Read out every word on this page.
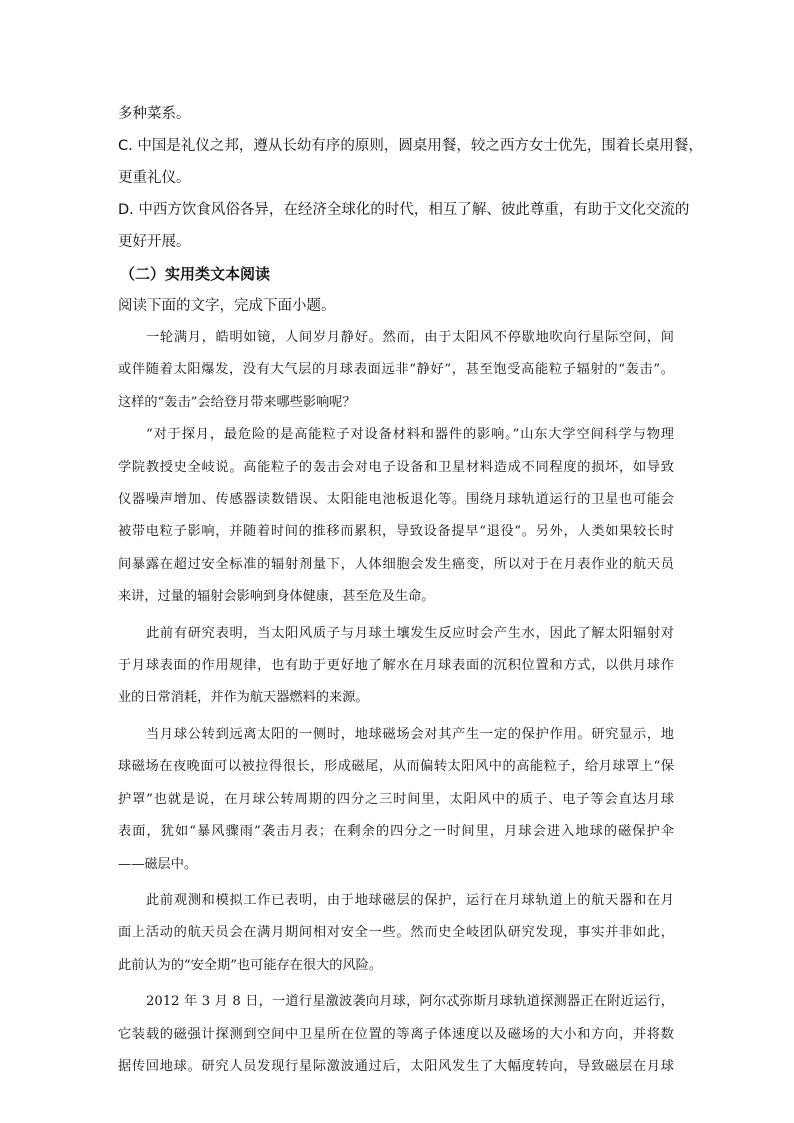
多种菜系。

C. 中国是礼仪之邦，遵从长幼有序的原则，圆桌用餐，较之西方女士优先，围着长桌用餐，

更重礼仪。

D. 中西方饮食风俗各异，在经济全球化的时代，相互了解、彼此尊重，有助于文化交流的

更好开展。

（二）实用类文本阅读

阅读下面的文字，完成下面小题。

一轮满月，皓明如镜，人间岁月静好。然而，由于太阳风不停歇地吹向行星际空间，间

或伴随着太阳爆发，没有大气层的月球表面远非“静好”，甚至饱受高能粒子辐射的“轰击”。

这样的“轰击”会给登月带来哪些影响呢？

“对于探月，最危险的是高能粒子对设备材料和器件的影响。”山东大学空间科学与物理

学院教授史全岐说。高能粒子的轰击会对电子设备和卫星材料造成不同程度的损坏，如导致

仪器噪声增加、传感器读数错误、太阳能电池板退化等。围绕月球轨道运行的卫星也可能会

被带电粒子影响，并随着时间的推移而累积，导致设备提早“退役”。另外，人类如果较长时

间暴露在超过安全标准的辐射剂量下，人体细胞会发生癌变，所以对于在月表作业的航天员

来讲，过量的辐射会影响到身体健康，甚至危及生命。

此前有研究表明，当太阳风质子与月球土壤发生反应时会产生水，因此了解太阳辐射对

于月球表面的作用规律，也有助于更好地了解水在月球表面的沉积位置和方式，以供月球作

业的日常消耗，并作为航天器燃料的来源。

当月球公转到远离太阳的一侧时，地球磁场会对其产生一定的保护作用。研究显示，地

球磁场在夜晚面可以被拉得很长，形成磁尾，从而偏转太阳风中的高能粒子，给月球罩上“保

护罩”也就是说，在月球公转周期的四分之三时间里，太阳风中的质子、电子等会直达月球

表面，犹如“暴风骤雨”袭击月表；在剩余的四分之一时间里，月球会进入地球的磁保护伞

——磁层中。

此前观测和模拟工作已表明，由于地球磁层的保护，运行在月球轨道上的航天器和在月

面上活动的航天员会在满月期间相对安全一些。然而史全岐团队研究发现，事实并非如此，

此前认为的“安全期”也可能存在很大的风险。

2012 年 3 月 8 日，一道行星激波袭向月球，阿尔忒弥斯月球轨道探测器正在附近运行，

它装载的磁强计探测到空间中卫星所在位置的等离子体速度以及磁场的大小和方向，并将数

据传回地球。研究人员发现行星际激波通过后，太阳风发生了大幅度转向，导致磁层在月球
